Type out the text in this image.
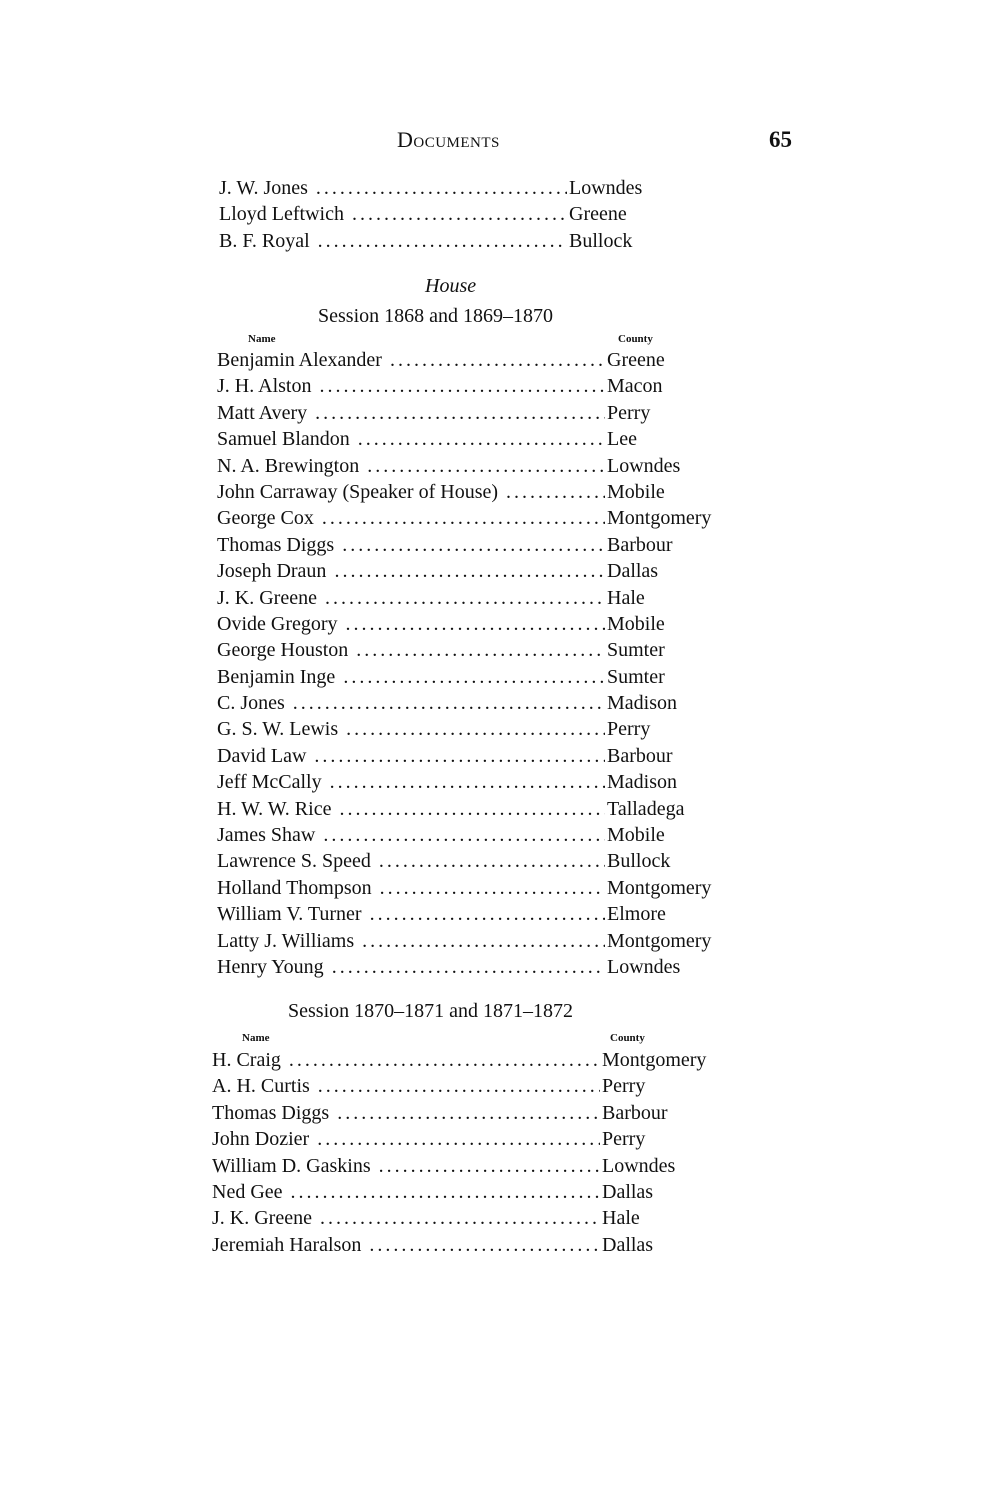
Documents	65
J. W. Jones .....	Lowndes
Lloyd Leftwich .....	Greene
B. F. Royal .....	Bullock
House
Session 1868 and 1869–1870
Name	County
Benjamin Alexander .....	Greene
J. H. Alston .....	Macon
Matt Avery .....	Perry
Samuel Blandon .....	Lee
N. A. Brewington .....	Lowndes
John Carraway (Speaker of House) .....	Mobile
George Cox .....	Montgomery
Thomas Diggs .....	Barbour
Joseph Draun .....	Dallas
J. K. Greene .....	Hale
Ovide Gregory .....	Mobile
George Houston .....	Sumter
Benjamin Inge .....	Sumter
C. Jones .....	Madison
G. S. W. Lewis .....	Perry
David Law .....	Barbour
Jeff McCally .....	Madison
H. W. W. Rice .....	Talladega
James Shaw .....	Mobile
Lawrence S. Speed .....	Bullock
Holland Thompson .....	Montgomery
William V. Turner .....	Elmore
Latty J. Williams .....	Montgomery
Henry Young .....	Lowndes
Session 1870–1871 and 1871–1872
Name	County
H. Craig .....	Montgomery
A. H. Curtis .....	Perry
Thomas Diggs .....	Barbour
John Dozier .....	Perry
William D. Gaskins .....	Lowndes
Ned Gee .....	Dallas
J. K. Greene .....	Hale
Jeremiah Haralson .....	Dallas
